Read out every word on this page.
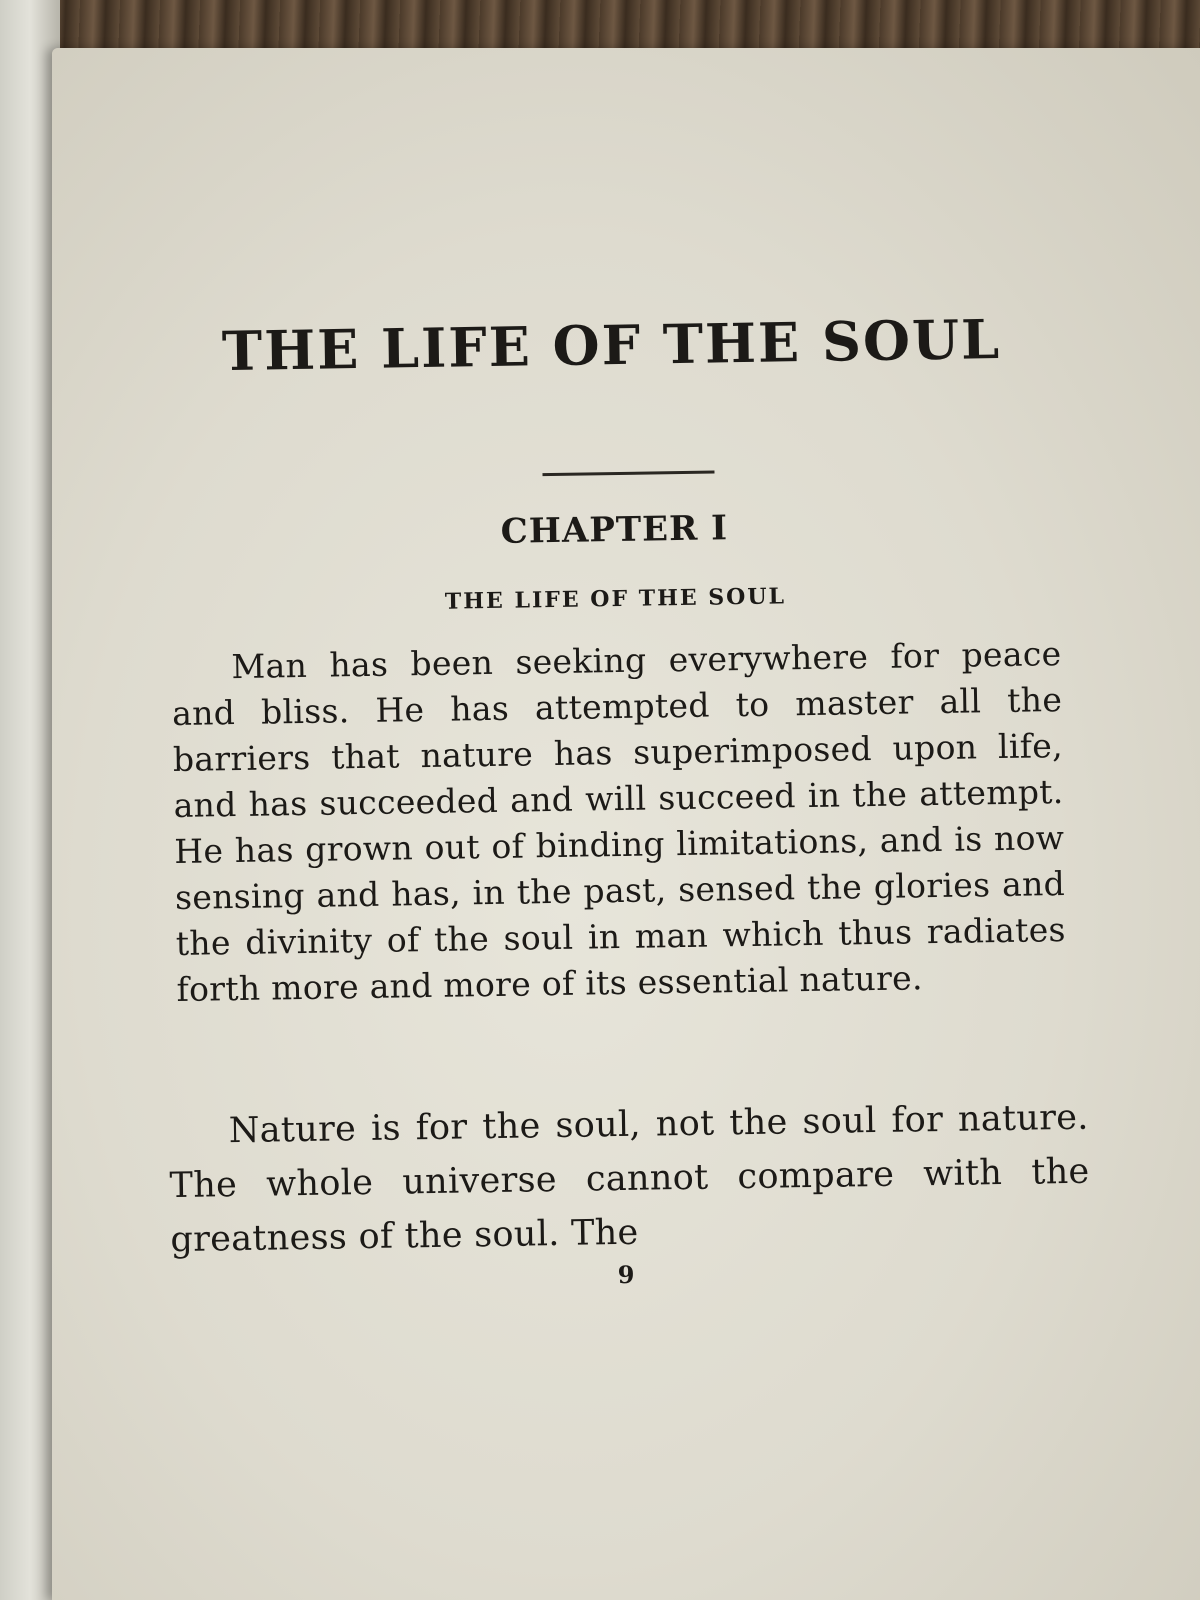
THE LIFE OF THE SOUL
CHAPTER I
THE LIFE OF THE SOUL

Man has been seeking everywhere for peace and bliss. He has attempted to master all the barriers that nature has superimposed upon life, and has succeeded and will succeed in the attempt. He has grown out of binding limitations, and is now sensing and has, in the past, sensed the glories and the divinity of the soul in man which thus radiates forth more and more of its essential nature.

Nature is for the soul, not the soul for nature. The whole universe cannot compare with the greatness of the soul. The

9
